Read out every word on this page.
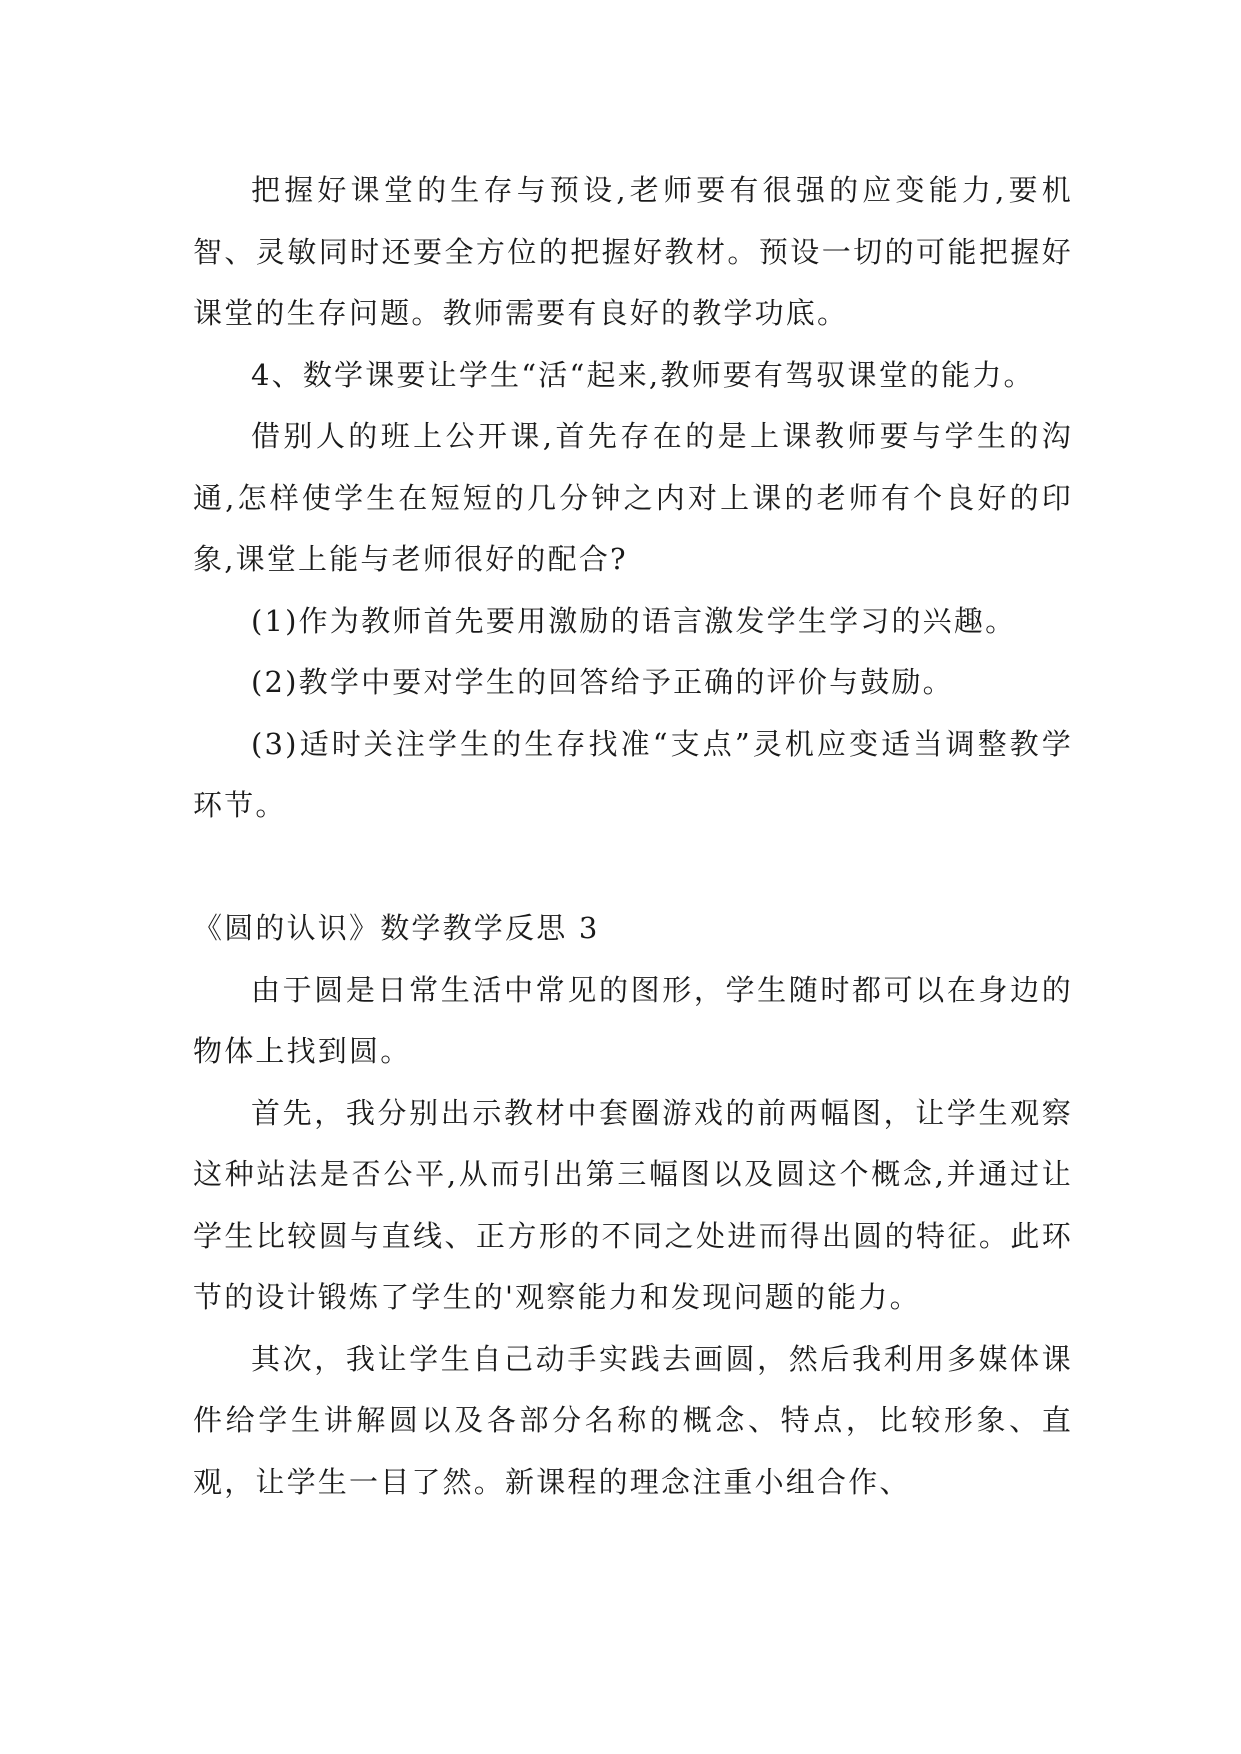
把握好课堂的生存与预设,老师要有很强的应变能力,要机智、灵敏同时还要全方位的把握好教材。预设一切的可能把握好课堂的生存问题。教师需要有良好的教学功底。

4、数学课要让学生“活“起来,教师要有驾驭课堂的能力。

借别人的班上公开课,首先存在的是上课教师要与学生的沟通,怎样使学生在短短的几分钟之内对上课的老师有个良好的印象,课堂上能与老师很好的配合?

(1)作为教师首先要用激励的语言激发学生学习的兴趣。

(2)教学中要对学生的回答给予正确的评价与鼓励。

(3)适时关注学生的生存找准“支点”灵机应变适当调整教学环节。

《圆的认识》数学教学反思 3

由于圆是日常生活中常见的图形，学生随时都可以在身边的物体上找到圆。

首先，我分别出示教材中套圈游戏的前两幅图，让学生观察这种站法是否公平,从而引出第三幅图以及圆这个概念,并通过让学生比较圆与直线、正方形的不同之处进而得出圆的特征。此环节的设计锻炼了学生的'观察能力和发现问题的能力。

其次，我让学生自己动手实践去画圆，然后我利用多媒体课件给学生讲解圆以及各部分名称的概念、特点，比较形象、直观，让学生一目了然。新课程的理念注重小组合作、
